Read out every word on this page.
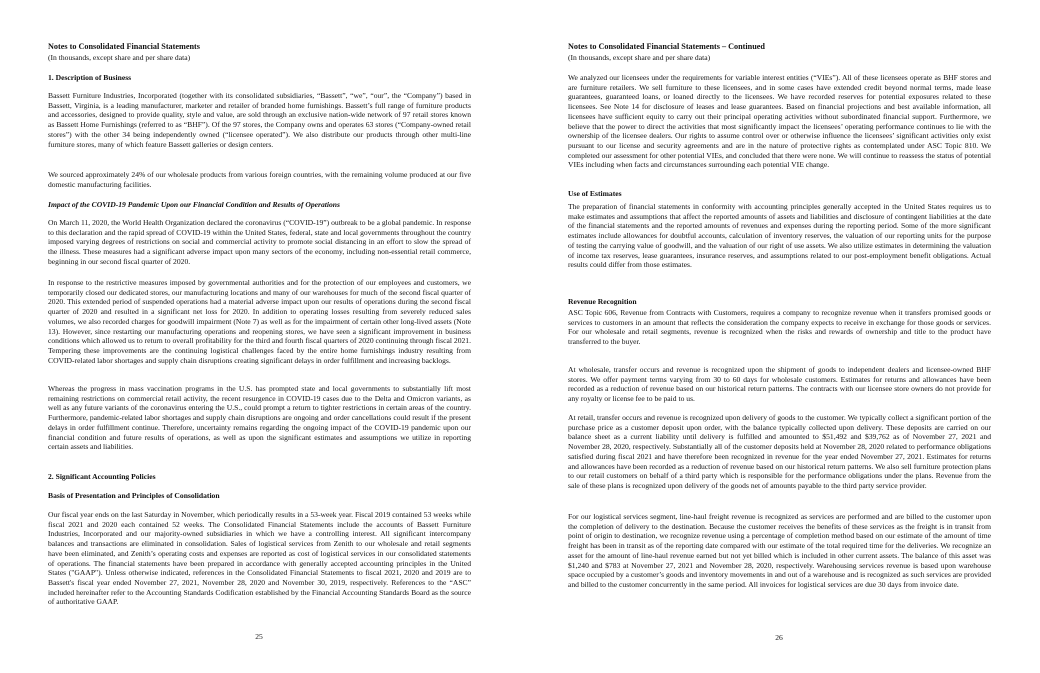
Notes to Consolidated Financial Statements
(In thousands, except share and per share data)
1. Description of Business

Bassett Furniture Industries, Incorporated (together with its consolidated subsidiaries, “Bassett”, “we”, “our”, the “Company”) based in Bassett, Virginia, is a leading manufacturer, marketer and retailer of branded home furnishings. Bassett’s full range of furniture products and accessories, designed to provide quality, style and value, are sold through an exclusive nation-wide network of 97 retail stores known as Bassett Home Furnishings (referred to as “BHF”). Of the 97 stores, the Company owns and operates 63 stores (“Company-owned retail stores”) with the other 34 being independently owned (“licensee operated”). We also distribute our products through other multi-line furniture stores, many of which feature Bassett galleries or design centers.

We sourced approximately 24% of our wholesale products from various foreign countries, with the remaining volume produced at our five domestic manufacturing facilities.

Impact of the COVID-19 Pandemic Upon our Financial Condition and Results of Operations

On March 11, 2020, the World Health Organization declared the coronavirus (“COVID-19”) outbreak to be a global pandemic. In response to this declaration and the rapid spread of COVID-19 within the United States, federal, state and local governments throughout the country imposed varying degrees of restrictions on social and commercial activity to promote social distancing in an effort to slow the spread of the illness. These measures had a significant adverse impact upon many sectors of the economy, including non-essential retail commerce, beginning in our second fiscal quarter of 2020.

In response to the restrictive measures imposed by governmental authorities and for the protection of our employees and customers, we temporarily closed our dedicated stores, our manufacturing locations and many of our warehouses for much of the second fiscal quarter of 2020. This extended period of suspended operations had a material adverse impact upon our results of operations during the second fiscal quarter of 2020 and resulted in a significant net loss for 2020. In addition to operating losses resulting from severely reduced sales volumes, we also recorded charges for goodwill impairment (Note 7) as well as for the impairment of certain other long-lived assets (Note 13). However, since restarting our manufacturing operations and reopening stores, we have seen a significant improvement in business conditions which allowed us to return to overall profitability for the third and fourth fiscal quarters of 2020 continuing through fiscal 2021. Tempering these improvements are the continuing logistical challenges faced by the entire home furnishings industry resulting from COVID-related labor shortages and supply chain disruptions creating significant delays in order fulfillment and increasing backlogs.

Whereas the progress in mass vaccination programs in the U.S. has prompted state and local governments to substantially lift most remaining restrictions on commercial retail activity, the recent resurgence in COVID-19 cases due to the Delta and Omicron variants, as well as any future variants of the coronavirus entering the U.S., could prompt a return to tighter restrictions in certain areas of the country. Furthermore, pandemic-related labor shortages and supply chain disruptions are ongoing and order cancellations could result if the present delays in order fulfillment continue. Therefore, uncertainty remains regarding the ongoing impact of the COVID-19 pandemic upon our financial condition and future results of operations, as well as upon the significant estimates and assumptions we utilize in reporting certain assets and liabilities.

2. Significant Accounting Policies
Basis of Presentation and Principles of Consolidation

Our fiscal year ends on the last Saturday in November, which periodically results in a 53-week year. Fiscal 2019 contained 53 weeks while fiscal 2021 and 2020 each contained 52 weeks. The Consolidated Financial Statements include the accounts of Bassett Furniture Industries, Incorporated and our majority-owned subsidiaries in which we have a controlling interest. All significant intercompany balances and transactions are eliminated in consolidation. Sales of logistical services from Zenith to our wholesale and retail segments have been eliminated, and Zenith’s operating costs and expenses are reported as cost of logistical services in our consolidated statements of operations. The financial statements have been prepared in accordance with generally accepted accounting principles in the United States ("GAAP"). Unless otherwise indicated, references in the Consolidated Financial Statements to fiscal 2021, 2020 and 2019 are to Bassett's fiscal year ended November 27, 2021, November 28, 2020 and November 30, 2019, respectively. References to the “ASC” included hereinafter refer to the Accounting Standards Codification established by the Financial Accounting Standards Board as the source of authoritative GAAP.

25
Notes to Consolidated Financial Statements – Continued
(In thousands, except share and per share data)

We analyzed our licensees under the requirements for variable interest entities (“VIEs”). All of these licensees operate as BHF stores and are furniture retailers. We sell furniture to these licensees, and in some cases have extended credit beyond normal terms, made lease guarantees, guaranteed loans, or loaned directly to the licensees. We have recorded reserves for potential exposures related to these licensees. See Note 14 for disclosure of leases and lease guarantees. Based on financial projections and best available information, all licensees have sufficient equity to carry out their principal operating activities without subordinated financial support. Furthermore, we believe that the power to direct the activities that most significantly impact the licensees’ operating performance continues to lie with the ownership of the licensee dealers. Our rights to assume control over or otherwise influence the licensees’ significant activities only exist pursuant to our license and security agreements and are in the nature of protective rights as contemplated under ASC Topic 810. We completed our assessment for other potential VIEs, and concluded that there were none. We will continue to reassess the status of potential VIEs including when facts and circumstances surrounding each potential VIE change.

Use of Estimates

The preparation of financial statements in conformity with accounting principles generally accepted in the United States requires us to make estimates and assumptions that affect the reported amounts of assets and liabilities and disclosure of contingent liabilities at the date of the financial statements and the reported amounts of revenues and expenses during the reporting period. Some of the more significant estimates include allowances for doubtful accounts, calculation of inventory reserves, the valuation of our reporting units for the purpose of testing the carrying value of goodwill, and the valuation of our right of use assets. We also utilize estimates in determining the valuation of income tax reserves, lease guarantees, insurance reserves, and assumptions related to our post-employment benefit obligations. Actual results could differ from those estimates.

Revenue Recognition

ASC Topic 606, Revenue from Contracts with Customers, requires a company to recognize revenue when it transfers promised goods or services to customers in an amount that reflects the consideration the company expects to receive in exchange for those goods or services. For our wholesale and retail segments, revenue is recognized when the risks and rewards of ownership and title to the product have transferred to the buyer.

At wholesale, transfer occurs and revenue is recognized upon the shipment of goods to independent dealers and licensee-owned BHF stores. We offer payment terms varying from 30 to 60 days for wholesale customers. Estimates for returns and allowances have been recorded as a reduction of revenue based on our historical return patterns. The contracts with our licensee store owners do not provide for any royalty or license fee to be paid to us.

At retail, transfer occurs and revenue is recognized upon delivery of goods to the customer. We typically collect a significant portion of the purchase price as a customer deposit upon order, with the balance typically collected upon delivery. These deposits are carried on our balance sheet as a current liability until delivery is fulfilled and amounted to $51,492 and $39,762 as of November 27, 2021 and November 28, 2020, respectively. Substantially all of the customer deposits held at November 28, 2020 related to performance obligations satisfied during fiscal 2021 and have therefore been recognized in revenue for the year ended November 27, 2021. Estimates for returns and allowances have been recorded as a reduction of revenue based on our historical return patterns. We also sell furniture protection plans to our retail customers on behalf of a third party which is responsible for the performance obligations under the plans. Revenue from the sale of these plans is recognized upon delivery of the goods net of amounts payable to the third party service provider.

For our logistical services segment, line-haul freight revenue is recognized as services are performed and are billed to the customer upon the completion of delivery to the destination. Because the customer receives the benefits of these services as the freight is in transit from point of origin to destination, we recognize revenue using a percentage of completion method based on our estimate of the amount of time freight has been in transit as of the reporting date compared with our estimate of the total required time for the deliveries. We recognize an asset for the amount of line-haul revenue earned but not yet billed which is included in other current assets. The balance of this asset was $1,240 and $783 at November 27, 2021 and November 28, 2020, respectively. Warehousing services revenue is based upon warehouse space occupied by a customer’s goods and inventory movements in and out of a warehouse and is recognized as such services are provided and billed to the customer concurrently in the same period. All invoices for logistical services are due 30 days from invoice date.

26
